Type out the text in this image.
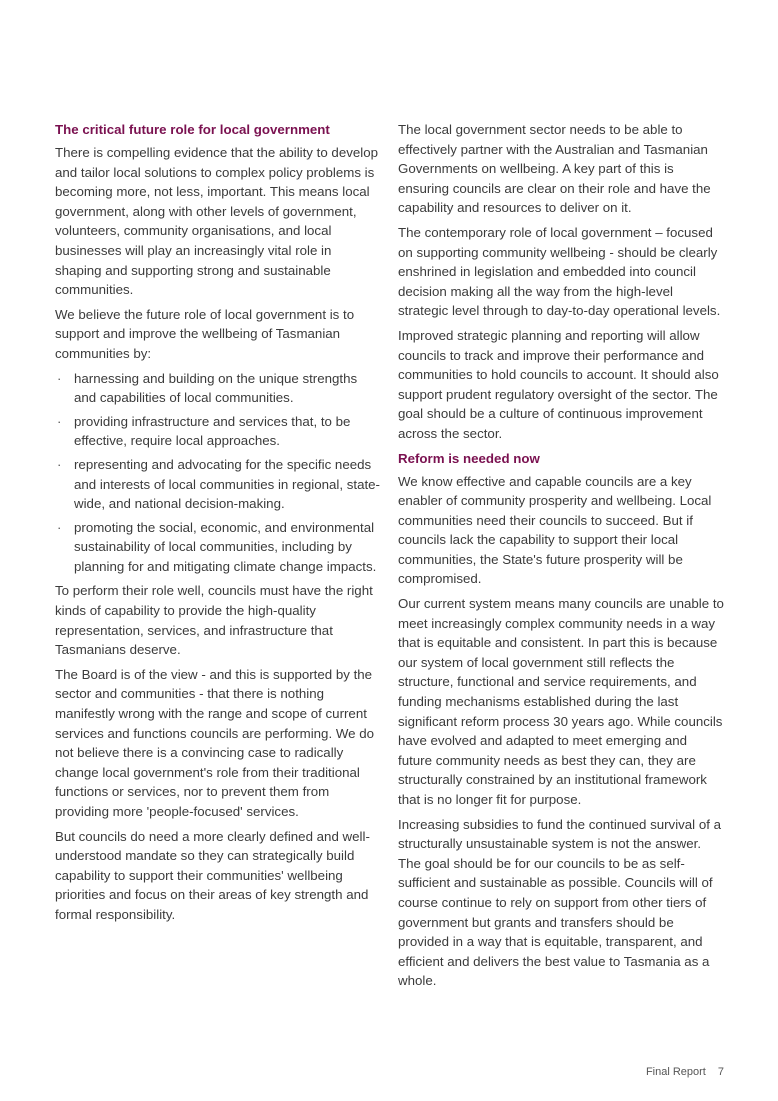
The critical future role for local government

There is compelling evidence that the ability to develop and tailor local solutions to complex policy problems is becoming more, not less, important. This means local government, along with other levels of government, volunteers, community organisations, and local businesses will play an increasingly vital role in shaping and supporting strong and sustainable communities.

We believe the future role of local government is to support and improve the wellbeing of Tasmanian communities by:

· harnessing and building on the unique strengths and capabilities of local communities.
· providing infrastructure and services that, to be effective, require local approaches.
· representing and advocating for the specific needs and interests of local communities in regional, state-wide, and national decision-making.
· promoting the social, economic, and environmental sustainability of local communities, including by planning for and mitigating climate change impacts.

To perform their role well, councils must have the right kinds of capability to provide the high-quality representation, services, and infrastructure that Tasmanians deserve.

The Board is of the view - and this is supported by the sector and communities - that there is nothing manifestly wrong with the range and scope of current services and functions councils are performing. We do not believe there is a convincing case to radically change local government's role from their traditional functions or services, nor to prevent them from providing more 'people-focused' services.

But councils do need a more clearly defined and well-understood mandate so they can strategically build capability to support their communities' wellbeing priorities and focus on their areas of key strength and formal responsibility.

The local government sector needs to be able to effectively partner with the Australian and Tasmanian Governments on wellbeing. A key part of this is ensuring councils are clear on their role and have the capability and resources to deliver on it.

The contemporary role of local government – focused on supporting community wellbeing - should be clearly enshrined in legislation and embedded into council decision making all the way from the high-level strategic level through to day-to-day operational levels.

Improved strategic planning and reporting will allow councils to track and improve their performance and communities to hold councils to account. It should also support prudent regulatory oversight of the sector. The goal should be a culture of continuous improvement across the sector.

Reform is needed now

We know effective and capable councils are a key enabler of community prosperity and wellbeing. Local communities need their councils to succeed. But if councils lack the capability to support their local communities, the State's future prosperity will be compromised.

Our current system means many councils are unable to meet increasingly complex community needs in a way that is equitable and consistent. In part this is because our system of local government still reflects the structure, functional and service requirements, and funding mechanisms established during the last significant reform process 30 years ago. While councils have evolved and adapted to meet emerging and future community needs as best they can, they are structurally constrained by an institutional framework that is no longer fit for purpose.

Increasing subsidies to fund the continued survival of a structurally unsustainable system is not the answer. The goal should be for our councils to be as self-sufficient and sustainable as possible. Councils will of course continue to rely on support from other tiers of government but grants and transfers should be provided in a way that is equitable, transparent, and efficient and delivers the best value to Tasmania as a whole.

Final Report 7
